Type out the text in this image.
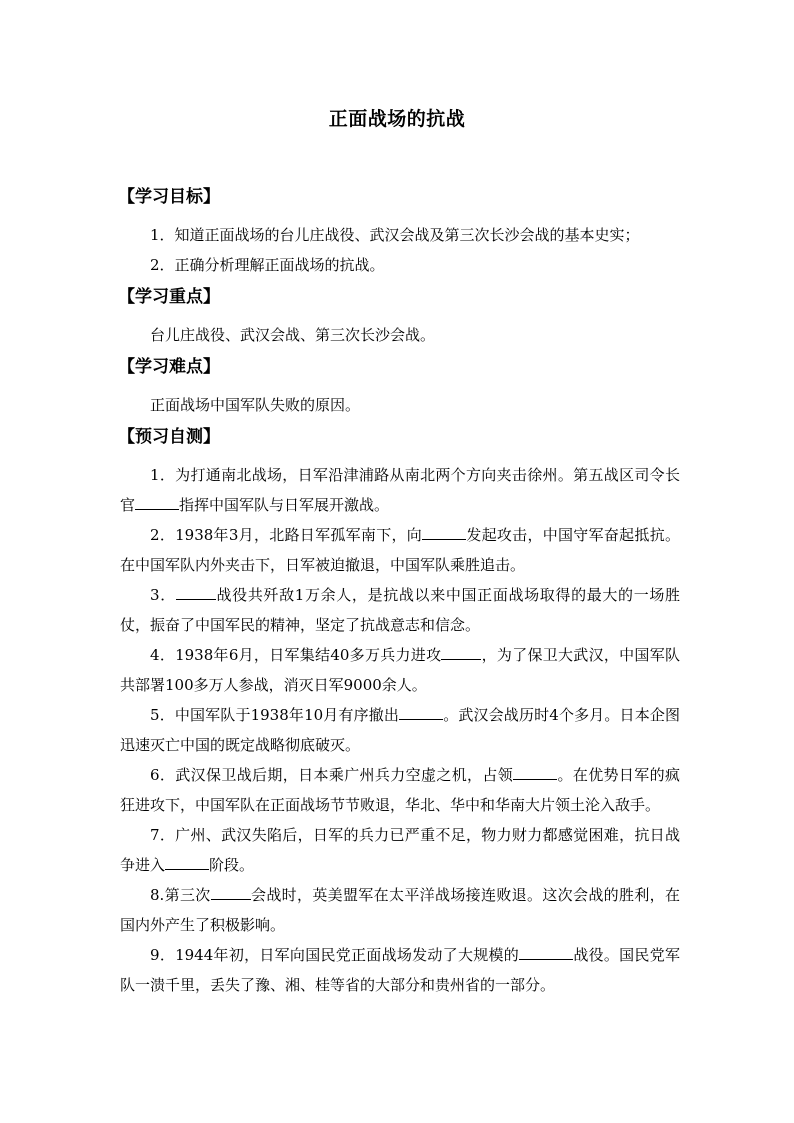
正面战场的抗战
【学习目标】
1．知道正面战场的台儿庄战役、武汉会战及第三次长沙会战的基本史实；
2．正确分析理解正面战场的抗战。
【学习重点】
台儿庄战役、武汉会战、第三次长沙会战。
【学习难点】
正面战场中国军队失败的原因。
【预习自测】
1．为打通南北战场，日军沿津浦路从南北两个方向夹击徐州。第五战区司令长官	指挥中国军队与日军展开激战。
2．1938年3月，北路日军孤军南下，向	发起攻击，中国守军奋起抵抗。在中国军队内外夹击下，日军被迫撤退，中国军队乘胜追击。
3．	战役共歼敌1万余人，是抗战以来中国正面战场取得的最大的一场胜仗，振奋了中国军民的精神，坚定了抗战意志和信念。
4．1938年6月，日军集结40多万兵力进攻	，为了保卫大武汉，中国军队共部署100多万人参战，消灭日军9000余人。
5．中国军队于1938年10月有序撤出	。武汉会战历时4个多月。日本企图迅速灭亡中国的既定战略彻底破灭。
6．武汉保卫战后期，日本乘广州兵力空虚之机，占领	。在优势日军的疯狂进攻下，中国军队在正面战场节节败退，华北、华中和华南大片领土沦入敌手。
7．广州、武汉失陷后，日军的兵力已严重不足，物力财力都感觉困难，抗日战争进入	阶段。
8.第三次	会战时，英美盟军在太平洋战场接连败退。这次会战的胜利，在国内外产生了积极影响。
9．1944年初，日军向国民党正面战场发动了大规模的	战役。国民党军队一溃千里，丢失了豫、湘、桂等省的大部分和贵州省的一部分。
